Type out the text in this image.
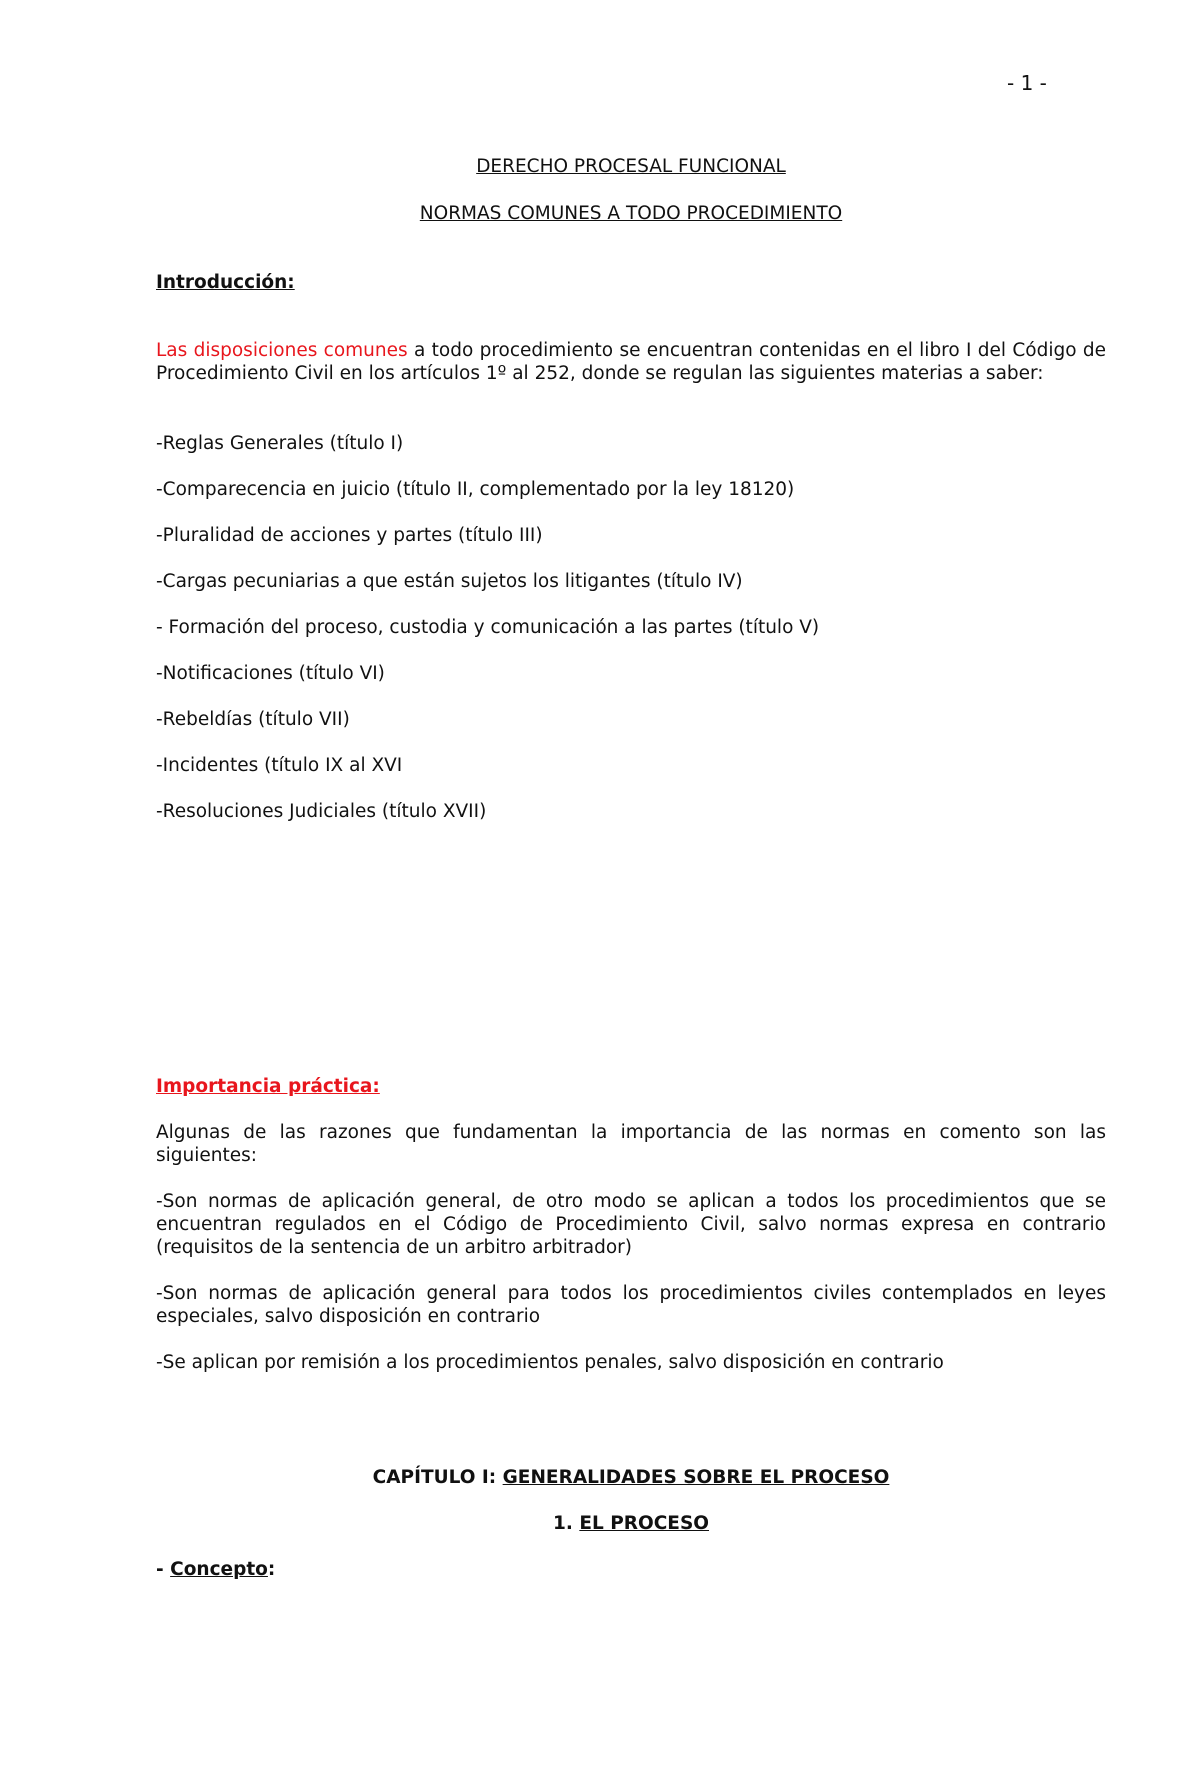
- 1 -
DERECHO PROCESAL FUNCIONAL
NORMAS COMUNES A TODO PROCEDIMIENTO
Introducción:
Las disposiciones comunes a todo procedimiento se encuentran contenidas en el libro I del Código de Procedimiento Civil en los artículos 1º al 252, donde se regulan las siguientes materias a saber:
-Reglas Generales (título I)
-Comparecencia en juicio (título II, complementado por la ley 18120)
-Pluralidad de acciones y partes (título III)
-Cargas pecuniarias a que están sujetos los litigantes (título IV)
- Formación del proceso, custodia y comunicación a las partes (título V)
-Notificaciones (título VI)
-Rebeldías (título VII)
-Incidentes (título IX al XVI
-Resoluciones Judiciales (título XVII)
Importancia práctica:
Algunas de las razones que fundamentan la importancia de las normas en comento son las siguientes:
-Son normas de aplicación general, de otro modo se aplican a todos los procedimientos que se encuentran regulados en el Código de Procedimiento Civil, salvo normas expresa en contrario (requisitos de la sentencia de un arbitro arbitrador)
-Son normas de aplicación general para todos los procedimientos civiles contemplados en leyes especiales, salvo disposición en contrario
-Se aplican por remisión a los procedimientos penales, salvo disposición en contrario
CAPÍTULO I: GENERALIDADES SOBRE EL PROCESO
1. EL PROCESO
- Concepto:
